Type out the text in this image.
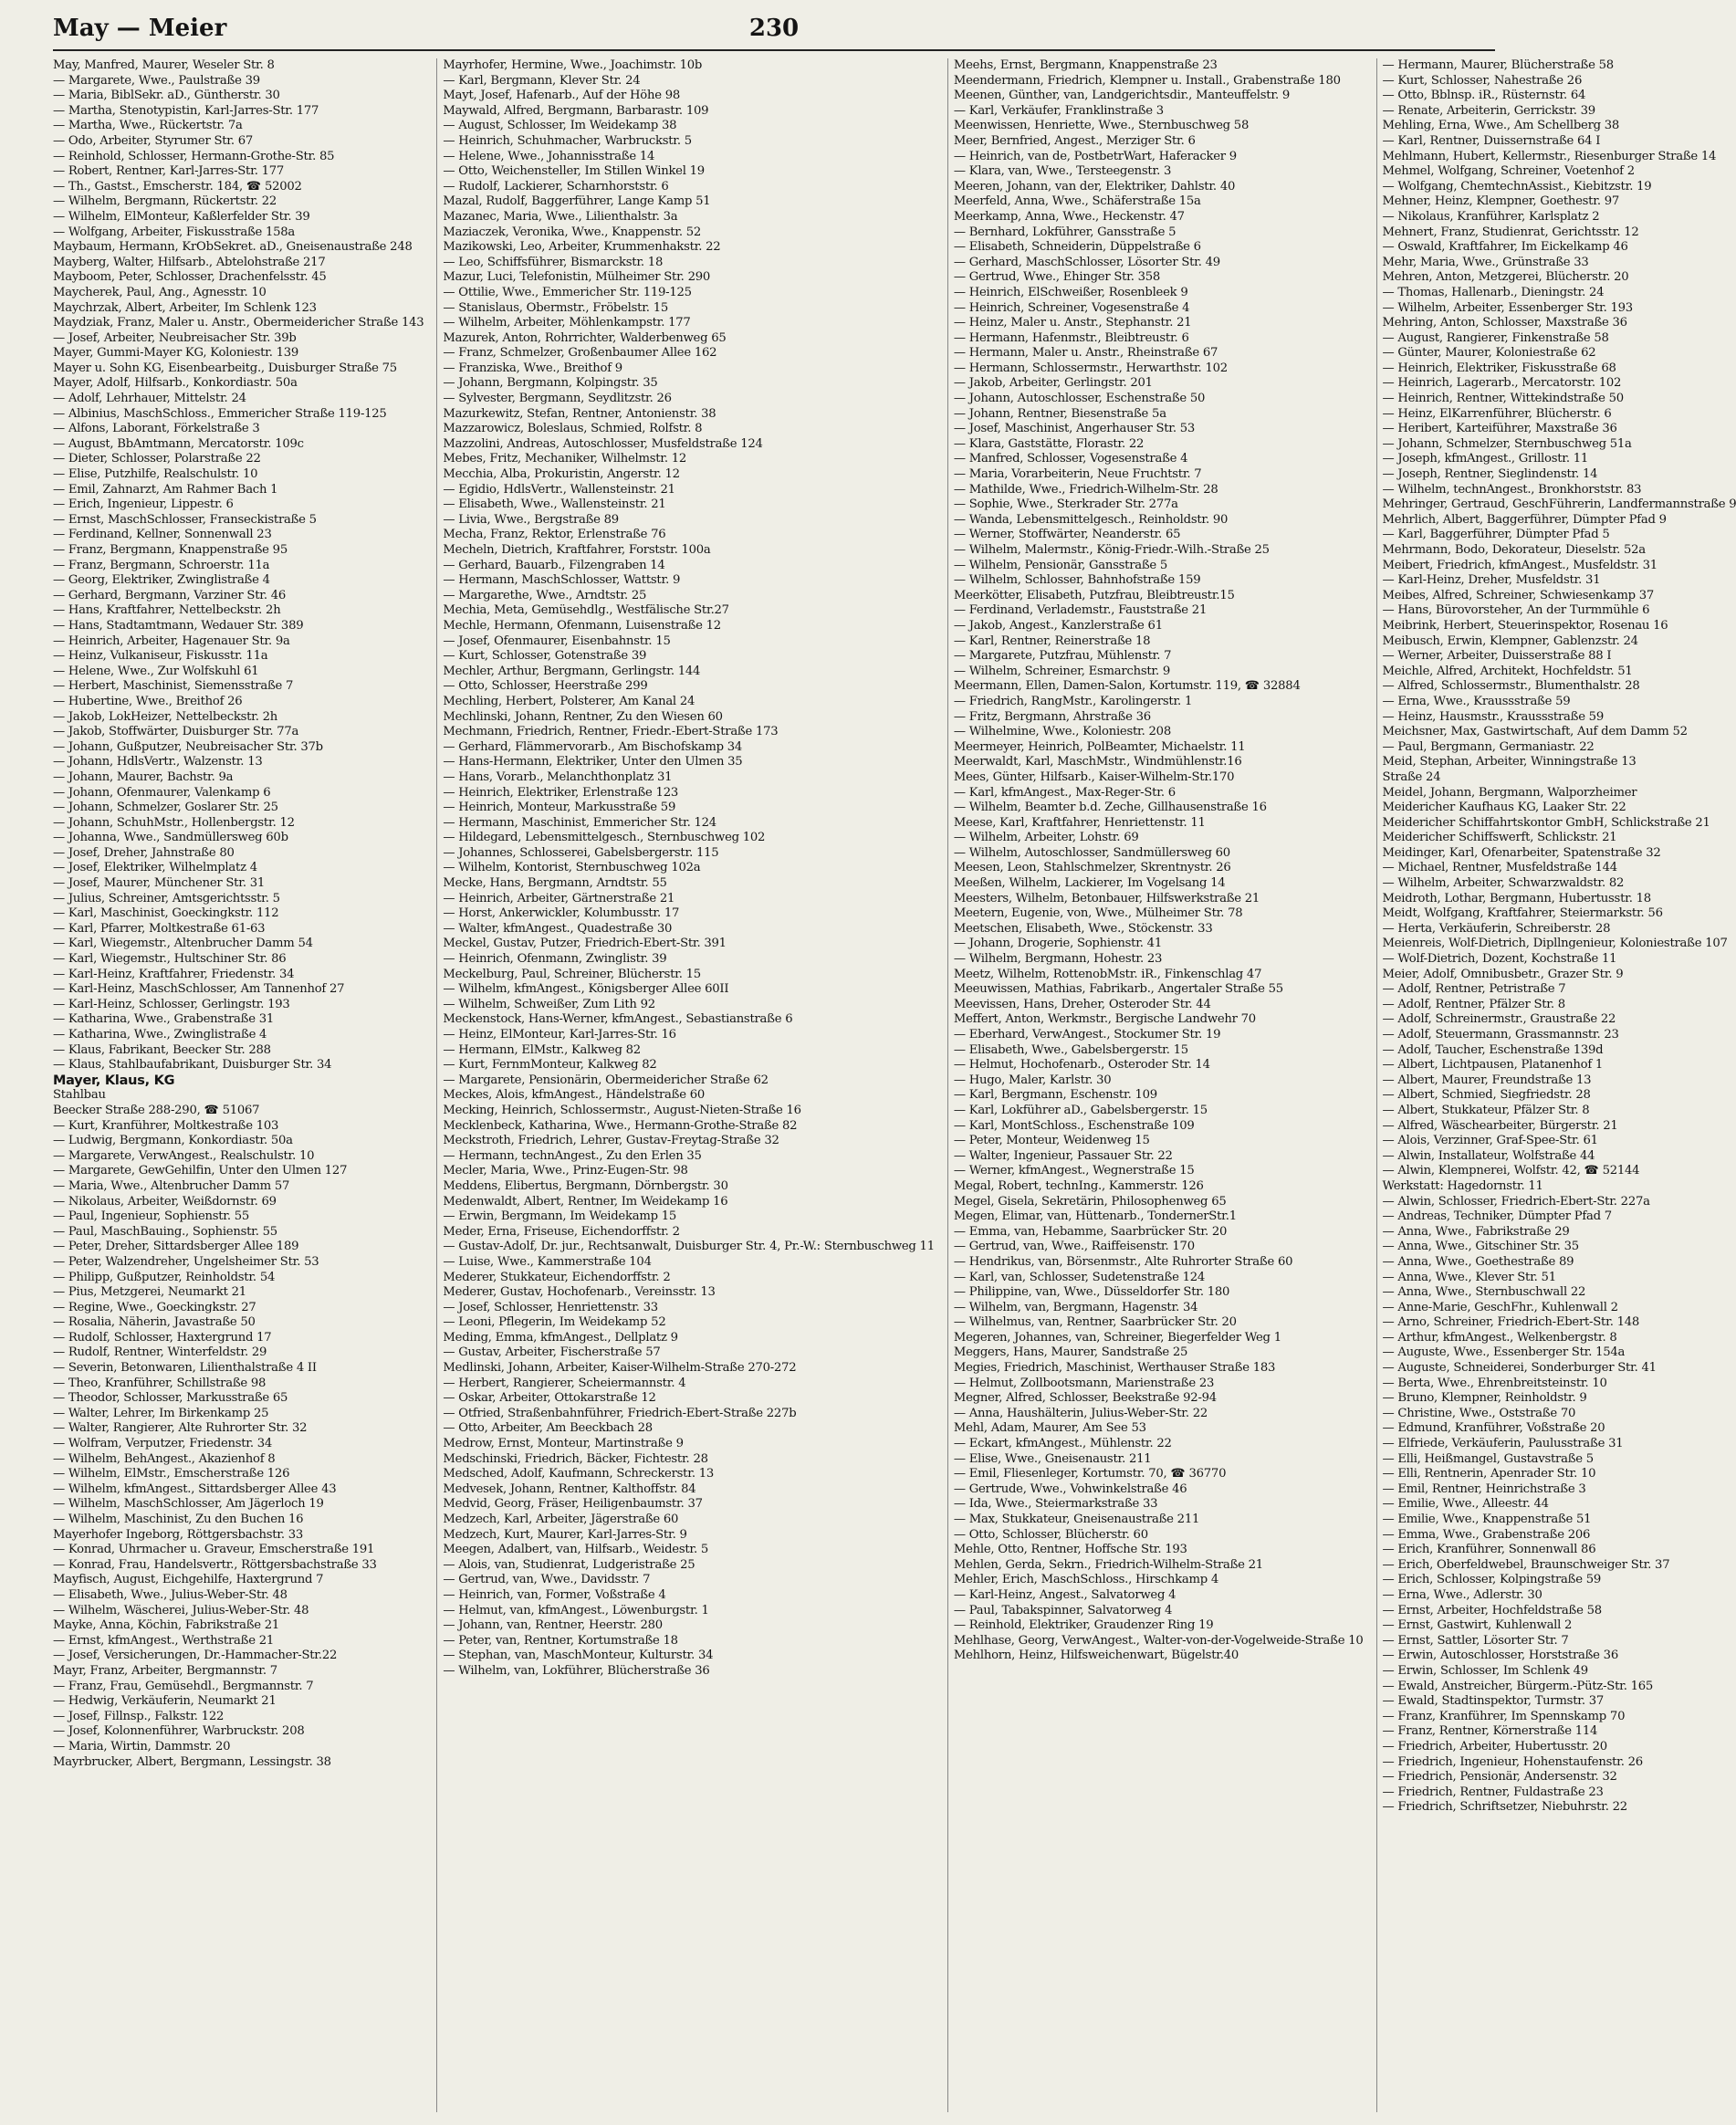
May — Meier	230
May, Manfred, Maurer, Weseler Str. 8
— Margarete, Wwe., Paulstraße 39
— Maria, BiblSekr. aD., Güntherstr. 30
— Martha, Stenotypistin, Karl-Jarres-Str. 177
— Martha, Wwe., Rückertstr. 7a
— Odo, Arbeiter, Styrumer Str. 67
— Reinhold, Schlosser, Hermann-Grothe-Str. 85
— Robert, Rentner, Karl-Jarres-Str. 177
— Th., Gastst., Emscherstr. 184, ☎ 52002
— Wilhelm, Bergmann, Rückertstr. 22
— Wilhelm, ElMonteur, Kaßlerfelder Str. 39
— Wolfgang, Arbeiter, Fiskusstraße 158a
Maybaum, Hermann, KrObSekret. aD., Gneisenaustraße 248
Mayberg, Walter, Hilfsarb., Abtelohstraße 217
Mayboom, Peter, Schlosser, Drachenfelsstr. 45
Maycherek, Paul, Ang., Agnesstr. 10
Maychrzak, Albert, Arbeiter, Im Schlenk 123
Maydziak, Franz, Maler u. Anstr., Obermeidericher Straße 143
— Josef, Arbeiter, Neubreisacher Str. 39b
Mayer, Gummi-Mayer KG, Koloniestr. 139
Mayer u. Sohn KG, Eisenbearbeitg., Duisburger Straße 75
Mayer, Adolf, Hilfsarb., Konkordiastr. 50a
— Adolf, Lehrhauer, Mittelstr. 24
— Albinius, MaschSchloss., Emmericher Straße 119-125
— Alfons, Laborant, Förkelstraße 3
— August, BbAmtmann, Mercatorstr. 109c
— Dieter, Schlosser, Polarstraße 22
— Elise, Putzhilfe, Realschulstr. 10
— Emil, Zahnarzt, Am Rahmer Bach 1
— Erich, Ingenieur, Lippestr. 6
— Ernst, MaschSchlosser, Franseckistraße 5
— Ferdinand, Kellner, Sonnenwall 23
— Franz, Bergmann, Knappenstraße 95
— Franz, Bergmann, Schroerstr. 11a
— Georg, Elektriker, Zwinglistraße 4
— Gerhard, Bergmann, Varziner Str. 46
— Hans, Kraftfahrer, Nettelbeckstr. 2h
— Hans, Stadtamtmann, Wedauer Str. 389
— Heinrich, Arbeiter, Hagenauer Str. 9a
— Heinz, Vulkaniseur, Fiskusstr. 11a
— Helene, Wwe., Zur Wolfskuhl 61
— Herbert, Maschinist, Siemensstraße 7
— Hubertine, Wwe., Breithof 26
— Jakob, LokHeizer, Nettelbeckstr. 2h
— Jakob, Stoffwärter, Duisburger Str. 77a
— Johann, Gußputzer, Neubreisacher Str. 37b
— Johann, HdlsVertr., Walzenstr. 13
— Johann, Maurer, Bachstr. 9a
— Johann, Ofenmaurer, Valenkamp 6
— Johann, Schmelzer, Goslarer Str. 25
— Johann, SchuhMstr., Hollenbergstr. 12
— Johanna, Wwe., Sandmüllersweg 60b
— Josef, Dreher, Jahnstraße 80
— Josef, Elektriker, Wilhelmplatz 4
— Josef, Maurer, Münchener Str. 31
— Julius, Schreiner, Amtsgerichtsstr. 5
— Karl, Maschinist, Goeckingkstr. 112
— Karl, Pfarrer, Moltkestraße 61-63
— Karl, Wiegemstr., Altenbrucher Damm 54
— Karl, Wiegemstr., Hultschiner Str. 86
— Karl-Heinz, Kraftfahrer, Friedenstr. 34
— Karl-Heinz, MaschSchlosser, Am Tannenhof 27
— Karl-Heinz, Schlosser, Gerlingstr. 193
— Katharina, Wwe., Grabenstraße 31
— Katharina, Wwe., Zwinglistraße 4
— Klaus, Fabrikant, Beecker Str. 288
— Klaus, Stahlbaufabrikant, Duisburger Str. 34
Mayer, Klaus, KG
Stahlbau
Beecker Straße 288-290, ☎ 51067
— Kurt, Kranführer, Moltkestraße 103
— Ludwig, Bergmann, Konkordiastr. 50a
— Margarete, VerwAngest., Realschulstr. 10
— Margarete, GewGehilfin, Unter den Ulmen 127
— Maria, Wwe., Altenbrucher Damm 57
— Nikolaus, Arbeiter, Weißdornstr. 69
— Paul, Ingenieur, Sophienstr. 55
— Paul, MaschBauing., Sophienstr. 55
— Peter, Dreher, Sittardsberger Allee 189
— Peter, Walzendreher, Ungelsheimer Str. 53
— Philipp, Gußputzer, Reinholdstr. 54
— Pius, Metzgerei, Neumarkt 21
— Regine, Wwe., Goeckingkstr. 27
— Rosalia, Näherin, Javastraße 50
— Rudolf, Schlosser, Haxtergrund 17
— Rudolf, Rentner, Winterfeldstr. 29
— Severin, Betonwaren, Lilienthalstraße 4 II
— Theo, Kranführer, Schillstraße 98
— Theodor, Schlosser, Markusstraße 65
— Walter, Lehrer, Im Birkenkamp 25
— Walter, Rangierer, Alte Ruhrorter Str. 32
— Wolfram, Verputzer, Friedenstr. 34
— Wilhelm, BehAngest., Akazienhof 8
— Wilhelm, ElMstr., Emscherstraße 126
— Wilhelm, kfmAngest., Sittardsberger Allee 43
— Wilhelm, MaschSchlosser, Am Jägerloch 19
— Wilhelm, Maschinist, Zu den Buchen 16
Mayerhofer Ingeborg, Röttgersbachstr. 33
— Konrad, Uhrmacher u. Graveur, Emscherstraße 191
— Konrad, Frau, Handelsvertr., Röttgersbachstraße 33
Mayfisch, August, Eichgehilfe, Haxtergrund 7
— Elisabeth, Wwe., Julius-Weber-Str. 48
— Wilhelm, Wäscherei, Julius-Weber-Str. 48
Mayke, Anna, Köchin, Fabrikstraße 21
— Ernst, kfmAngest., Werthstraße 21
— Josef, Versicherungen, Dr.-Hammacher-Str.22
Mayr, Franz, Arbeiter, Bergmannstr. 7
— Franz, Frau, Gemüsehdl., Bergmannstr. 7
— Hedwig, Verkäuferin, Neumarkt 21
— Josef, Fillnsp., Falkstr. 122
— Josef, Kolonnenführer, Warbruckstr. 208
— Maria, Wirtin, Dammstr. 20
Mayrbrucker, Albert, Bergmann, Lessingstr. 38
Mayrhofer, Hermine, Wwe., Joachimstr. 10b
— Karl, Bergmann, Klever Str. 24
Mayt, Josef, Hafenarb., Auf der Höhe 98
Maywald, Alfred, Bergmann, Barbarastr. 109
— August, Schlosser, Im Weidekamp 38
— Heinrich, Schuhmacher, Warbruckstr. 5
— Helene, Wwe., Johannisstraße 14
— Otto, Weichensteller, Im Stillen Winkel 19
— Rudolf, Lackierer, Scharnhorststr. 6
Mazal, Rudolf, Baggerführer, Lange Kamp 51
Mazanec, Maria, Wwe., Lilienthalstr. 3a
Maziaczek, Veronika, Wwe., Knappenstr. 52
Mazikowski, Leo, Arbeiter, Krummenhakstr. 22
— Leo, Schiffsführer, Bismarckstr. 18
Mazur, Luci, Telefonistin, Mülheimer Str. 290
— Ottilie, Wwe., Emmericher Str. 119-125
— Stanislaus, Obermstr., Fröbelstr. 15
— Wilhelm, Arbeiter, Möhlenkampstr. 177
Mazurek, Anton, Rohrrichter, Walderbenweg 65
— Franz, Schmelzer, Großenbaumer Allee 162
— Franziska, Wwe., Breithof 9
— Johann, Bergmann, Kolpingstr. 35
— Sylvester, Bergmann, Seydlitzstr. 26
Mazurkewitz, Stefan, Rentner, Antonienstr. 38
Mazzarowicz, Boleslaus, Schmied, Rolfstr. 8
Mazzolini, Andreas, Autoschlosser, Musfeldstraße 124
Mebes, Fritz, Mechaniker, Wilhelmstr. 12
Mecchia, Alba, Prokuristin, Angerstr. 12
— Egidio, HdlsVertr., Wallensteinstr. 21
— Elisabeth, Wwe., Wallensteinstr. 21
— Livia, Wwe., Bergstraße 89
Mecha, Franz, Rektor, Erlenstraße 76
Mecheln, Dietrich, Kraftfahrer, Forststr. 100a
— Gerhard, Bauarb., Filzengraben 14
— Hermann, MaschSchlosser, Wattstr. 9
— Margarethe, Wwe., Arndtstr. 25
Mechia, Meta, Gemüsehdlg., Westfälische Str.27
Mechle, Hermann, Ofenmann, Luisenstraße 12
— Josef, Ofenmaurer, Eisenbahnstr. 15
— Kurt, Schlosser, Gotenstraße 39
Mechler, Arthur, Bergmann, Gerlingstr. 144
— Otto, Schlosser, Heerstraße 299
Mechling, Herbert, Polsterer, Am Kanal 24
Mechlinski, Johann, Rentner, Zu den Wiesen 60
Mechmann, Friedrich, Rentner, Friedr.-Ebert-Straße 173
— Gerhard, Flämmervorarb., Am Bischofskamp 34
— Hans-Hermann, Elektriker, Unter den Ulmen 35
— Hans, Vorarb., Melanchthonplatz 31
— Heinrich, Elektriker, Erlenstraße 123
— Heinrich, Monteur, Markusstraße 59
— Hermann, Maschinist, Emmericher Str. 124
— Hildegard, Lebensmittelgesch., Sternbuschweg 102
— Johannes, Schlosserei, Gabelsbergerstr. 115
— Wilhelm, Kontorist, Sternbuschweg 102a
Mecke, Hans, Bergmann, Arndtstr. 55
— Heinrich, Arbeiter, Gärtnerstraße 21
— Horst, Ankerwickler, Kolumbusstr. 17
— Walter, kfmAngest., Quadestraße 30
Meckel, Gustav, Putzer, Friedrich-Ebert-Str. 391
— Heinrich, Ofenmann, Zwinglistr. 39
Meckelburg, Paul, Schreiner, Blücherstr. 15
— Wilhelm, kfmAngest., Königsberger Allee 60II
— Wilhelm, Schweißer, Zum Lith 92
Meckenstock, Hans-Werner, kfmAngest., Sebastianstraße 6
— Heinz, ElMonteur, Karl-Jarres-Str. 16
— Hermann, ElMstr., Kalkweg 82
— Kurt, FernmMonteur, Kalkweg 82
— Margarete, Pensionärin, Obermeidericher Straße 62
Meckes, Alois, kfmAngest., Händelstraße 60
Mecking, Heinrich, Schlossermstr., August-Nieten-Straße 16
Mecklenbeck, Katharina, Wwe., Hermann-Grothe-Straße 82
Meckstroth, Friedrich, Lehrer, Gustav-Freytag-Straße 32
— Hermann, technAngest., Zu den Erlen 35
Mecler, Maria, Wwe., Prinz-Eugen-Str. 98
Meddens, Elibertus, Bergmann, Dörnbergstr. 30
Medenwaldt, Albert, Rentner, Im Weidekamp 16
— Erwin, Bergmann, Im Weidekamp 15
Meder, Erna, Friseuse, Eichendorffstr. 2
— Gustav-Adolf, Dr. jur., Rechtsanwalt, Duisburger Str. 4, Pr.-W.: Sternbuschweg 11
— Luise, Wwe., Kammerstraße 104
Mederer, Stukkateur, Eichendorffstr. 2
Mederer, Gustav, Hochofenarb., Vereinsstr. 13
— Josef, Schlosser, Henriettenstr. 33
— Leoni, Pflegerin, Im Weidekamp 52
Meding, Emma, kfmAngest., Dellplatz 9
— Gustav, Arbeiter, Fischerstraße 57
Medlinski, Johann, Arbeiter, Kaiser-Wilhelm-Straße 270-272
— Herbert, Rangierer, Scheiermannstr. 4
— Oskar, Arbeiter, Ottokarstraße 12
— Otfried, Straßenbahnführer, Friedrich-Ebert-Straße 227b
— Otto, Arbeiter, Am Beeckbach 28
Medrow, Ernst, Monteur, Martinstraße 9
Medschinski, Friedrich, Bäcker, Fichtestr. 28
Medsched, Adolf, Kaufmann, Schreckerstr. 13
Medvesek, Johann, Rentner, Kalthoffstr. 84
Medvid, Georg, Fräser, Heiligenbaumstr. 37
Medzech, Karl, Arbeiter, Jägerstraße 60
Medzech, Kurt, Maurer, Karl-Jarres-Str. 9
Meegen, Adalbert, van, Hilfsarb., Weidestr. 5
— Alois, van, Studienrat, Ludgeristraße 25
— Gertrud, van, Wwe., Davidsstr. 7
— Heinrich, van, Former, Voßstraße 4
— Helmut, van, kfmAngest., Löwenburgstr. 1
— Johann, van, Rentner, Heerstr. 280
— Peter, van, Rentner, Kortumstraße 18
— Stephan, van, MaschMonteur, Kulturstr. 34
— Wilhelm, van, Lokführer, Blücherstraße 36
Meehs, Ernst, Bergmann, Knappenstraße 23
Meendermann, Friedrich, Klempner u. Install., Grabenstraße 180
Meenen, Günther, van, Landgerichtsdir., Manteuffelstr. 9
— Karl, Verkäufer, Franklinstraße 3
Meenwissen, Henriette, Wwe., Sternbuschweg 58
Meer, Bernfried, Angest., Merziger Str. 6
— Heinrich, van de, PostbetrWart, Haferacker 9
— Klara, van, Wwe., Tersteegenstr. 3
Meeren, Johann, van der, Elektriker, Dahlstr. 40
Meerfeld, Anna, Wwe., Schäferstraße 15a
Meerkamp, Anna, Wwe., Heckenstr. 47
— Bernhard, Lokführer, Gansstraße 5
— Elisabeth, Schneiderin, Düppelstraße 6
— Gerhard, MaschSchlosser, Lösorter Str. 49
— Gertrud, Wwe., Ehinger Str. 358
— Heinrich, ElSchweißer, Rosenbleek 9
— Heinrich, Schreiner, Vogesenstraße 4
— Heinz, Maler u. Anstr., Stephanstr. 21
— Hermann, Hafenmstr., Bleibtreustr. 6
— Hermann, Maler u. Anstr., Rheinstraße 67
— Hermann, Schlossermstr., Herwarthstr. 102
— Jakob, Arbeiter, Gerlingstr. 201
— Johann, Autoschlosser, Eschenstraße 50
— Johann, Rentner, Biesenstraße 5a
— Josef, Maschinist, Angerhauser Str. 53
— Klara, Gaststätte, Florastr. 22
— Manfred, Schlosser, Vogesenstraße 4
— Maria, Vorarbeiterin, Neue Fruchtstr. 7
— Mathilde, Wwe., Friedrich-Wilhelm-Str. 28
— Sophie, Wwe., Sterkrader Str. 277a
— Wanda, Lebensmittelgesch., Reinholdstr. 90
— Werner, Stoffwärter, Neanderstr. 65
— Wilhelm, Malermstr., König-Friedr.-Wilh.-Straße 25
— Wilhelm, Pensionär, Gansstraße 5
— Wilhelm, Schlosser, Bahnhofstraße 159
Meerkötter, Elisabeth, Putzfrau, Bleibtreustr.15
— Ferdinand, Verlademstr., Fauststraße 21
— Jakob, Angest., Kanzlerstraße 61
— Karl, Rentner, Reinerstraße 18
— Margarete, Putzfrau, Mühlenstr. 7
— Wilhelm, Schreiner, Esmarchstr. 9
Meermann, Ellen, Damen-Salon, Kortumstr. 119, ☎ 32884
— Friedrich, RangMstr., Karolingerstr. 1
— Fritz, Bergmann, Ahrstraße 36
— Wilhelmine, Wwe., Koloniestr. 208
Meermeyer, Heinrich, PolBeamter, Michaelstr. 11
Meerwaldt, Karl, MaschMstr., Windmühlenstr.16
Mees, Günter, Hilfsarb., Kaiser-Wilhelm-Str.170
— Karl, kfmAngest., Max-Reger-Str. 6
— Wilhelm, Beamter b.d. Zeche, Gillhausenstraße 16
Meese, Karl, Kraftfahrer, Henriettenstr. 11
— Wilhelm, Arbeiter, Lohstr. 69
— Wilhelm, Autoschlosser, Sandmüllersweg 60
Meesen, Leon, Stahlschmelzer, Skrentnystr. 26
Meeßen, Wilhelm, Lackierer, Im Vogelsang 14
Meesters, Wilhelm, Betonbauer, Hilfswerkstraße 21
Meetern, Eugenie, von, Wwe., Mülheimer Str. 78
Meetschen, Elisabeth, Wwe., Stöckenstr. 33
— Johann, Drogerie, Sophienstr. 41
— Wilhelm, Bergmann, Hohestr. 23
Meetz, Wilhelm, RottenobMstr. iR., Finkenschlag 47
Meeuwissen, Mathias, Fabrikarb., Angertaler Straße 55
Meevissen, Hans, Dreher, Osteroder Str. 44
Meffert, Anton, Werkmstr., Bergische Landwehr 70
— Eberhard, VerwAngest., Stockumer Str. 19
— Elisabeth, Wwe., Gabelsbergerstr. 15
— Helmut, Hochofenarb., Osteroder Str. 14
— Hugo, Maler, Karlstr. 30
— Karl, Bergmann, Eschenstr. 109
— Karl, Lokführer aD., Gabelsbergerstr. 15
— Karl, MontSchloss., Eschenstraße 109
— Peter, Monteur, Weidenweg 15
— Walter, Ingenieur, Passauer Str. 22
— Werner, kfmAngest., Wegnerstraße 15
Megal, Robert, technIng., Kammerstr. 126
Megel, Gisela, Sekretärin, Philosophenweg 65
Megen, Elimar, van, Hüttenarb., TondernerStr.1
— Emma, van, Hebamme, Saarbrücker Str. 20
— Gertrud, van, Wwe., Raiffeisenstr. 170
— Hendrikus, van, Börsenmstr., Alte Ruhrorter Straße 60
— Karl, van, Schlosser, Sudetenstraße 124
— Philippine, van, Wwe., Düsseldorfer Str. 180
— Wilhelm, van, Bergmann, Hagenstr. 34
— Wilhelmus, van, Rentner, Saarbrücker Str. 20
Megeren, Johannes, van, Schreiner, Biegerfelder Weg 1
Meggers, Hans, Maurer, Sandstraße 25
Megies, Friedrich, Maschinist, Werthauser Straße 183
— Helmut, Zollbootsmann, Marienstraße 23
Megner, Alfred, Schlosser, Beekstraße 92-94
— Anna, Haushälterin, Julius-Weber-Str. 22
Mehl, Adam, Maurer, Am See 53
— Eckart, kfmAngest., Mühlenstr. 22
— Elise, Wwe., Gneisenaustr. 211
— Emil, Fliesenleger, Kortumstr. 70, ☎ 36770
— Gertrude, Wwe., Vohwinkelstraße 46
— Ida, Wwe., Steiermarkstraße 33
— Max, Stukkateur, Gneisenaustraße 211
— Otto, Schlosser, Blücherstr. 60
Mehle, Otto, Rentner, Hoffsche Str. 193
Mehlen, Gerda, Sekrn., Friedrich-Wilhelm-Straße 21
Mehler, Erich, MaschSchloss., Hirschkamp 4
— Karl-Heinz, Angest., Salvatorweg 4
— Paul, Tabakspinner, Salvatorweg 4
— Reinhold, Elektriker, Graudenzer Ring 19
Mehlhase, Georg, VerwAngest., Walter-von-der-Vogelweide-Straße 10
Mehlhorn, Heinz, Hilfsweichenwart, Bügelstr.40
— Hermann, Maurer, Blücherstraße 58
— Kurt, Schlosser, Nahestraße 26
— Otto, Bblnsp. iR., Rüsternstr. 64
— Renate, Arbeiterin, Gerrickstr. 39
Mehling, Erna, Wwe., Am Schellberg 38
— Karl, Rentner, Duissernstraße 64 I
Mehlmann, Hubert, Kellermstr., Riesenburger Straße 14
Mehmel, Wolfgang, Schreiner, Voetenhof 2
— Wolfgang, ChemtechnAssist., Kiebitzstr. 19
Mehner, Heinz, Klempner, Goethestr. 97
— Nikolaus, Kranführer, Karlsplatz 2
Mehnert, Franz, Studienrat, Gerichtsstr. 12
— Oswald, Kraftfahrer, Im Eickelkamp 46
Mehr, Maria, Wwe., Grünstraße 33
Mehren, Anton, Metzgerei, Blücherstr. 20
— Thomas, Hallenarb., Dieningstr. 24
— Wilhelm, Arbeiter, Essenberger Str. 193
Mehring, Anton, Schlosser, Maxstraße 36
— August, Rangierer, Finkenstraße 58
— Günter, Maurer, Koloniestraße 62
— Heinrich, Elektriker, Fiskusstraße 68
— Heinrich, Lagerarb., Mercatorstr. 102
— Heinrich, Rentner, Wittekindstraße 50
— Heinz, ElKarrenführer, Blücherstr. 6
— Heribert, Karteiführer, Maxstraße 36
— Johann, Schmelzer, Sternbuschweg 51a
— Joseph, kfmAngest., Grillostr. 11
— Joseph, Rentner, Sieglindenstr. 14
— Wilhelm, technAngest., Bronkhorststr. 83
Mehringer, Gertraud, GeschFührerin, Landfermannstraße 9
Mehrlich, Albert, Baggerführer, Dümpter Pfad 9
— Karl, Baggerführer, Dümpter Pfad 5
Mehrmann, Bodo, Dekorateur, Dieselstr. 52a
Meibert, Friedrich, kfmAngest., Musfeldstr. 31
— Karl-Heinz, Dreher, Musfeldstr. 31
Meibes, Alfred, Schreiner, Schwiesenkamp 37
— Hans, Bürovorsteher, An der Turmmühle 6
Meibrink, Herbert, Steuerinspektor, Rosenau 16
Meibusch, Erwin, Klempner, Gablenzstr. 24
— Werner, Arbeiter, Duisserstraße 88 I
Meichle, Alfred, Architekt, Hochfeldstr. 51
— Alfred, Schlossermstr., Blumenthalstr. 28
— Erna, Wwe., Kraussstraße 59
— Heinz, Hausmstr., Kraussstraße 59
Meichsner, Max, Gastwirtschaft, Auf dem Damm 52
— Paul, Bergmann, Germaniastr. 22
Meid, Stephan, Arbeiter, Winningstraße 13
Straße 24
Meidel, Johann, Bergmann, Walporzheimer
Meidericher Kaufhaus KG, Laaker Str. 22
Meidericher Schiffahrtskontor GmbH, Schlickstraße 21
Meidericher Schiffswerft, Schlickstr. 21
Meidinger, Karl, Ofenarbeiter, Spatenstraße 32
— Michael, Rentner, Musfeldstraße 144
— Wilhelm, Arbeiter, Schwarzwaldstr. 82
Meidroth, Lothar, Bergmann, Hubertusstr. 18
Meidt, Wolfgang, Kraftfahrer, Steiermarkstr. 56
— Herta, Verkäuferin, Schreiberstr. 28
Meienreis, Wolf-Dietrich, Dipllngenieur, Koloniestraße 107
— Wolf-Dietrich, Dozent, Kochstraße 11
Meier, Adolf, Omnibusbetr., Grazer Str. 9
— Adolf, Rentner, Petristraße 7
— Adolf, Rentner, Pfälzer Str. 8
— Adolf, Schreinermstr., Graustraße 22
— Adolf, Steuermann, Grassmannstr. 23
— Adolf, Taucher, Eschenstraße 139d
— Albert, Lichtpausen, Platanenhof 1
— Albert, Maurer, Freundstraße 13
— Albert, Schmied, Siegfriedstr. 28
— Albert, Stukkateur, Pfälzer Str. 8
— Alfred, Wäschearbeiter, Bürgerstr. 21
— Alois, Verzinner, Graf-Spee-Str. 61
— Alwin, Installateur, Wolfstraße 44
— Alwin, Klempnerei, Wolfstr. 42, ☎ 52144
Werkstatt: Hagedornstr. 11
— Alwin, Schlosser, Friedrich-Ebert-Str. 227a
— Andreas, Techniker, Dümpter Pfad 7
— Anna, Wwe., Fabrikstraße 29
— Anna, Wwe., Gitschiner Str. 35
— Anna, Wwe., Goethestraße 89
— Anna, Wwe., Klever Str. 51
— Anna, Wwe., Sternbuschwall 22
— Anne-Marie, GeschFhr., Kuhlenwall 2
— Arno, Schreiner, Friedrich-Ebert-Str. 148
— Arthur, kfmAngest., Welkenbergstr. 8
— Auguste, Wwe., Essenberger Str. 154a
— Auguste, Schneiderei, Sonderburger Str. 41
— Berta, Wwe., Ehrenbreitsteinstr. 10
— Bruno, Klempner, Reinholdstr. 9
— Christine, Wwe., Oststraße 70
— Edmund, Kranführer, Voßstraße 20
— Elfriede, Verkäuferin, Paulusstraße 31
— Elli, Heißmangel, Gustavstraße 5
— Elli, Rentnerin, Apenrader Str. 10
— Emil, Rentner, Heinrichstraße 3
— Emilie, Wwe., Alleestr. 44
— Emilie, Wwe., Knappenstraße 51
— Emma, Wwe., Grabenstraße 206
— Erich, Kranführer, Sonnenwall 86
— Erich, Oberfeldwebel, Braunschweiger Str. 37
— Erich, Schlosser, Kolpingstraße 59
— Erna, Wwe., Adlerstr. 30
— Ernst, Arbeiter, Hochfeldstraße 58
— Ernst, Gastwirt, Kuhlenwall 2
— Ernst, Sattler, Lösorter Str. 7
— Erwin, Autoschlosser, Horststraße 36
— Erwin, Schlosser, Im Schlenk 49
— Ewald, Anstreicher, Bürgerm.-Pütz-Str. 165
— Ewald, Stadtinspektor, Turmstr. 37
— Franz, Kranführer, Im Spennskamp 70
— Franz, Rentner, Körnerstraße 114
— Friedrich, Arbeiter, Hubertusstr. 20
— Friedrich, Ingenieur, Hohenstaufenstr. 26
— Friedrich, Pensionär, Andersenstr. 32
— Friedrich, Rentner, Fuldastraße 23
— Friedrich, Schriftsetzer, Niebuhrstr. 22
